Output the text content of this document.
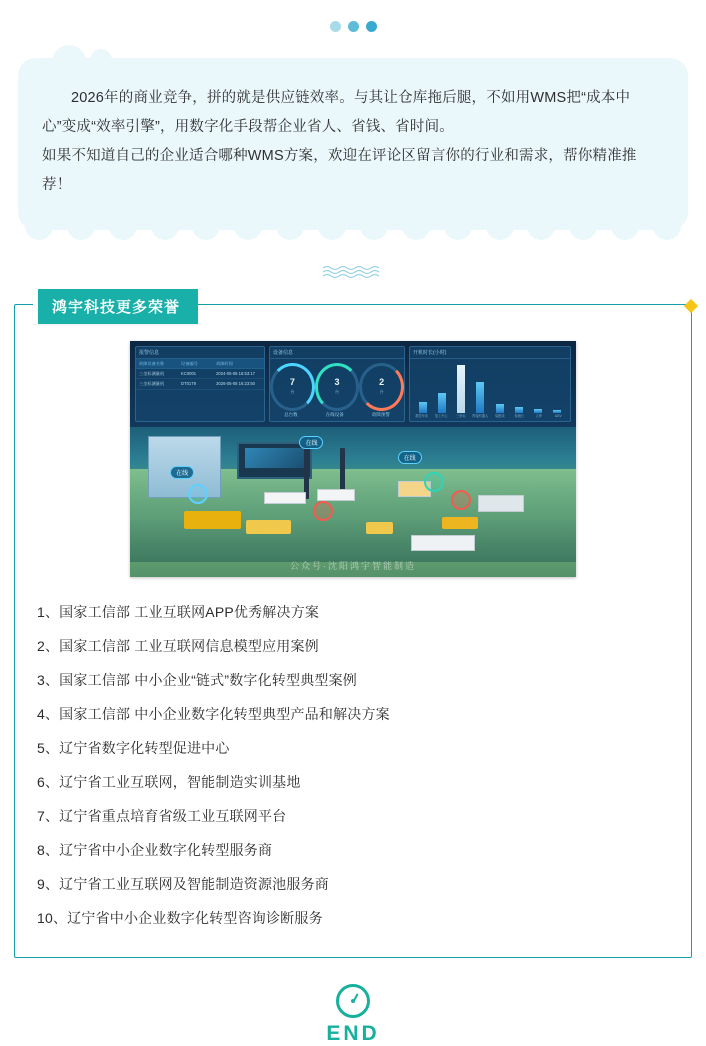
2026年的商业竞争，拼的就是供应链效率。与其让仓库拖后腿，不如用WMS把“成本中心”变成“效率引擎”，用数字化手段帮企业省人、省钱、省时间。

如果不知道自己的企业适合哪种WMS方案，欢迎在评论区留言你的行业和需求，帮你精准推荐！

鸿宇科技更多荣誉
报警信息
故障设备名称	设备编号	故障时间
三坐标测量机	KC0001	2024-05-08 16:53:17
三坐标测量机	DT0179	2026-05-08 16:23:50
设备信息
7
台
3
台
2
台
总台数	在线设备	故障预警
开机时长(小时)
数控车床	加工中心	三坐标	焊接机器人	装配线	检测台	立库	AGV
在线
在线
在线
公众号·沈阳鸿宇智能制造
1、国家工信部 工业互联网APP优秀解决方案
2、国家工信部 工业互联网信息模型应用案例
3、国家工信部 中小企业“链式”数字化转型典型案例
4、国家工信部 中小企业数字化转型典型产品和解决方案
5、辽宁省数字化转型促进中心
6、辽宁省工业互联网，智能制造实训基地
7、辽宁省重点培育省级工业互联网平台
8、辽宁省中小企业数字化转型服务商
9、辽宁省工业互联网及智能制造资源池服务商
10、辽宁省中小企业数字化转型咨询诊断服务
END
